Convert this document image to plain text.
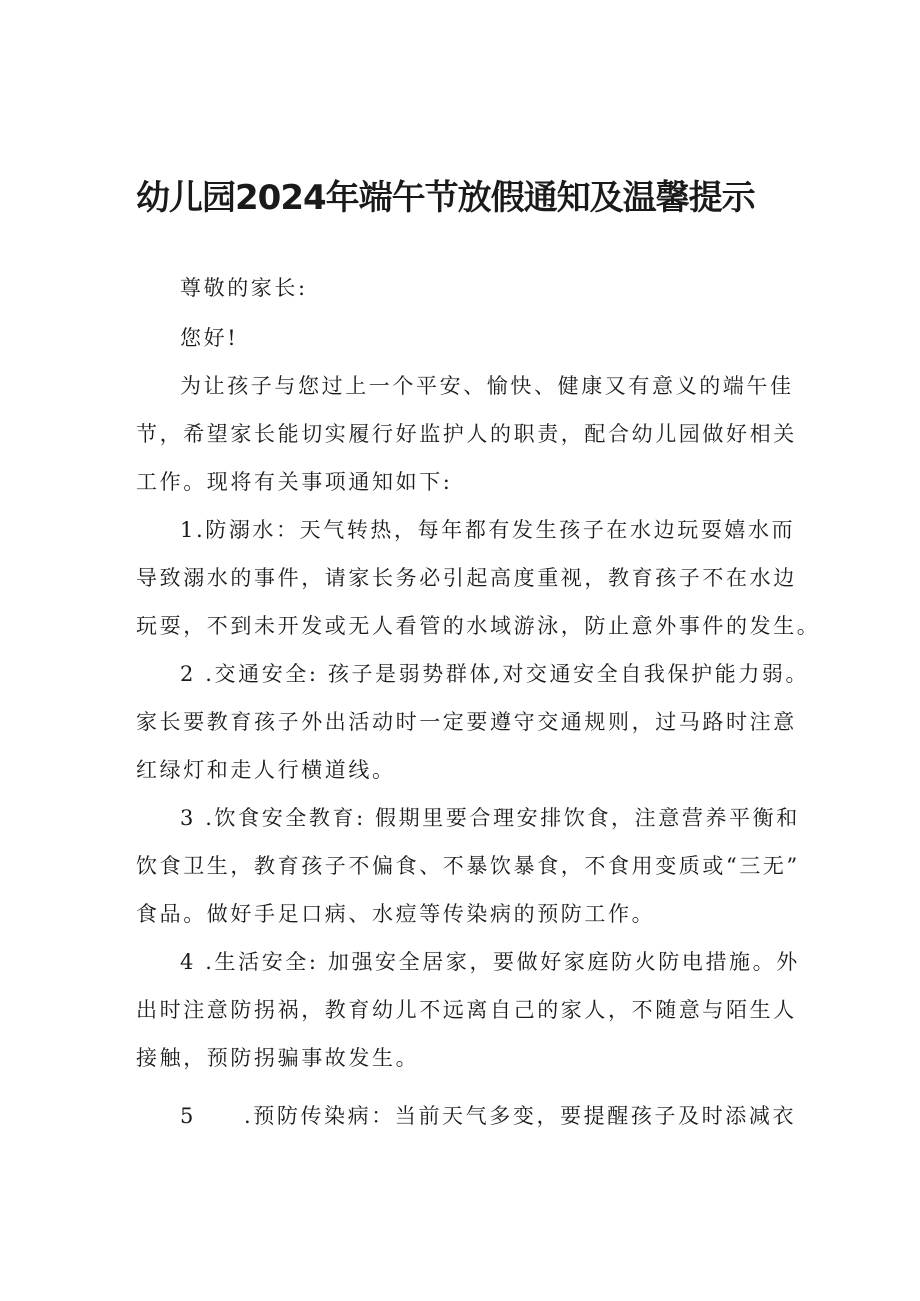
幼儿园2024年端午节放假通知及温馨提示

尊敬的家长:

您好!

为让孩子与您过上一个平安、愉快、健康又有意义的端午佳

节，希望家长能切实履行好监护人的职责，配合幼儿园做好相关

工作。现将有关事项通知如下:

1.防溺水：天气转热，每年都有发生孩子在水边玩耍嬉水而

导致溺水的事件，请家长务必引起高度重视，教育孩子不在水边

玩耍，不到未开发或无人看管的水域游泳，防止意外事件的发生。

2 .交通安全: 孩子是弱势群体,对交通安全自我保护能力弱。

家长要教育孩子外出活动时一定要遵守交通规则，过马路时注意

红绿灯和走人行横道线。

3 .饮食安全教育: 假期里要合理安排饮食，注意营养平衡和

饮食卫生，教育孩子不偏食、不暴饮暴食，不食用变质或“三无”

食品。做好手足口病、水痘等传染病的预防工作。

4 .生活安全: 加强安全居家，要做好家庭防火防电措施。外

出时注意防拐祸，教育幼儿不远离自己的家人，不随意与陌生人

接触，预防拐骗事故发生。

5 .预防传染病：当前天气多变，要提醒孩子及时添减衣
